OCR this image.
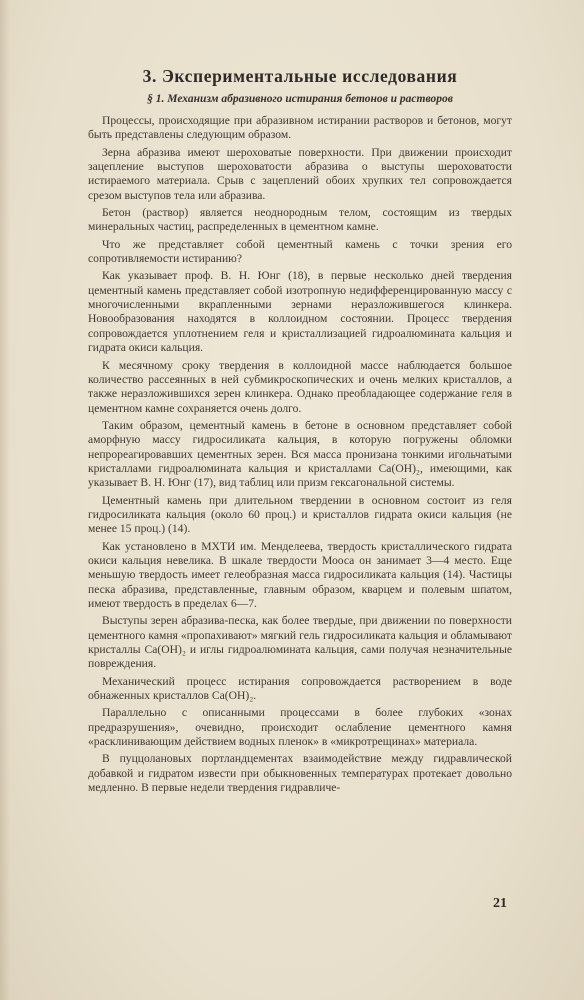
3. Экспериментальные исследования
§ 1. Механизм абразивного истирания бетонов и растворов

Процессы, происходящие при абразивном истирании растворов и бетонов, могут быть представлены следующим образом.

Зерна абразива имеют шероховатые поверхности. При движении происходит зацепление выступов шероховатости абразива о выступы шероховатости истираемого материала. Срыв с зацеплений обоих хрупких тел сопровождается срезом выступов тела или абразива.

Бетон (раствор) является неоднородным телом, состоящим из твердых минеральных частиц, распределенных в цементном камне.

Что же представляет собой цементный камень с точки зрения его сопротивляемости истиранию?

Как указывает проф. В. Н. Юнг (18), в первые несколько дней твердения цементный камень представляет собой изотропную недифференцированную массу с многочисленными вкрапленными зернами неразложившегося клинкера. Новообразования находятся в коллоидном состоянии. Процесс твердения сопровождается уплотнением геля и кристаллизацией гидроалюмината кальция и гидрата окиси кальция.

К месячному сроку твердения в коллоидной массе наблюдается большое количество рассеянных в ней субмикроскопических и очень мелких кристаллов, а также неразложившихся зерен клинкера. Однако преобладающее содержание геля в цементном камне сохраняется очень долго.

Таким образом, цементный камень в бетоне в основном представляет собой аморфную массу гидросиликата кальция, в которую погружены обломки непрореагировавших цементных зерен. Вся масса пронизана тонкими игольчатыми кристаллами гидроалюмината кальция и кристаллами Ca(OH)₂, имеющими, как указывает В. Н. Юнг (17), вид таблиц или призм гексагональной системы.

Цементный камень при длительном твердении в основном состоит из геля гидросиликата кальция (около 60 проц.) и кристаллов гидрата окиси кальция (не менее 15 проц.) (14).

Как установлено в МХТИ им. Менделеева, твердость кристаллического гидрата окиси кальция невелика. В шкале твердости Мооса он занимает 3—4 место. Еще меньшую твердость имеет гелеобразная масса гидросиликата кальция (14). Частицы песка абразива, представленные, главным образом, кварцем и полевым шпатом, имеют твердость в пределах 6—7.

Выступы зерен абразива-песка, как более твердые, при движении по поверхности цементного камня «пропахивают» мягкий гель гидросиликата кальция и обламывают кристаллы Ca(OH)₂ и иглы гидроалюмината кальция, сами получая незначительные повреждения.

Механический процесс истирания сопровождается растворением в воде обнаженных кристаллов Ca(OH)₂.

Параллельно с описанными процессами в более глубоких «зонах предразрушения», очевидно, происходит ослабление цементного камня «расклинивающим действием водных пленок» в «микротрещинах» материала.

В пуццолановых портландцементах взаимодействие между гидравлической добавкой и гидратом извести при обыкновенных температурах протекает довольно медленно. В первые недели твердения гидравличе-

21
